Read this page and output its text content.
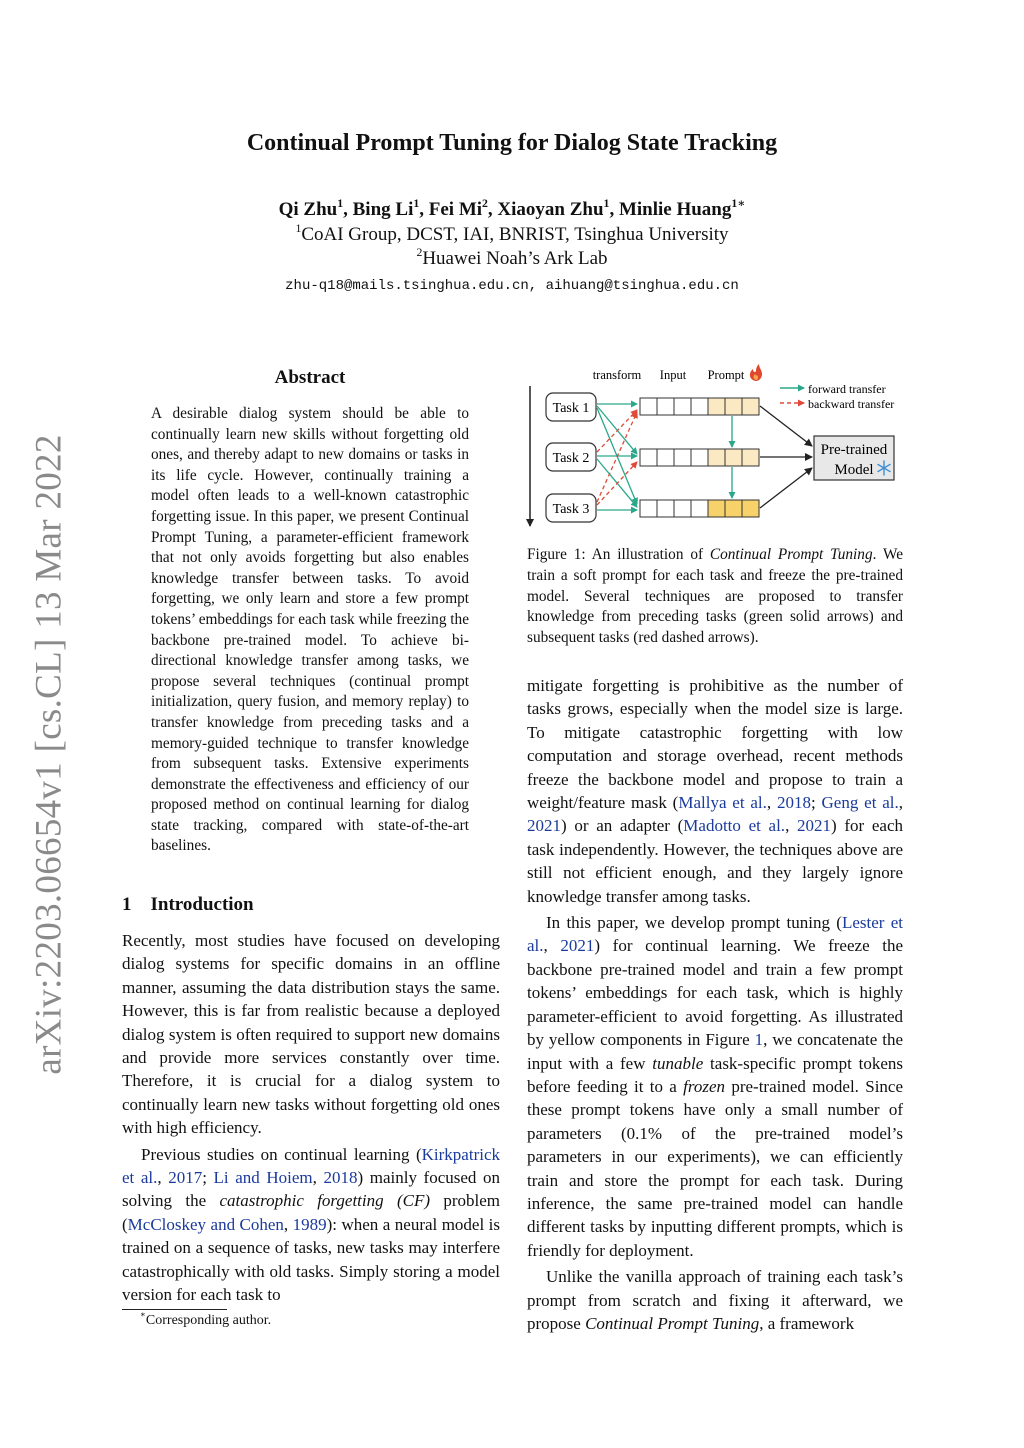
arXiv:2203.06654v1 [cs.CL] 13 Mar 2022
Continual Prompt Tuning for Dialog State Tracking
Qi Zhu$^1$, Bing Li$^1$, Fei Mi$^2$, Xiaoyan Zhu$^1$, Minlie Huang$^{1∗}$
$^1$CoAI Group, DCST, IAI, BNRIST, Tsinghua University
$^2$Huawei Noah’s Ark Lab
zhu-q18@mails.tsinghua.edu.cn, aihuang@tsinghua.edu.cn
Abstract
A desirable dialog system should be able to continually learn new skills without forgetting old ones, and thereby adapt to new domains or tasks in its life cycle. However, continually training a model often leads to a well-known catastrophic forgetting issue. In this paper, we present Continual Prompt Tuning, a parameter-efficient framework that not only avoids forgetting but also enables knowledge transfer between tasks. To avoid forgetting, we only learn and store a few prompt tokens’ embeddings for each task while freezing the backbone pre-trained model. To achieve bi-directional knowledge transfer among tasks, we propose several techniques (continual prompt initialization, query fusion, and memory replay) to transfer knowledge from preceding tasks and a memory-guided technique to transfer knowledge from subsequent tasks. Extensive experiments demonstrate the effectiveness and efficiency of our proposed method on continual learning for dialog state tracking, compared with state-of-the-art baselines.
1    Introduction

Recently, most studies have focused on developing dialog systems for specific domains in an offline manner, assuming the data distribution stays the same. However, this is far from realistic because a deployed dialog system is often required to support new domains and provide more services constantly over time. Therefore, it is crucial for a dialog system to continually learn new tasks without forgetting old ones with high efficiency.

Previous studies on continual learning (Kirkpatrick et al., 2017; Li and Hoiem, 2018) mainly focused on solving the catastrophic forgetting (CF) problem (McCloskey and Cohen, 1989): when a neural model is trained on a sequence of tasks, new tasks may interfere catastrophically with old tasks. Simply storing a model version for each task to

∗Corresponding author.
transform Input Prompt
forward transfer
backward transfer
Task 1
Task 2
Task 3
Pre-trained
Model
Figure 1: An illustration of Continual Prompt Tuning. We train a soft prompt for each task and freeze the pre-trained model. Several techniques are proposed to transfer knowledge from preceding tasks (green solid arrows) and subsequent tasks (red dashed arrows).

mitigate forgetting is prohibitive as the number of tasks grows, especially when the model size is large. To mitigate catastrophic forgetting with low computation and storage overhead, recent methods freeze the backbone model and propose to train a weight/feature mask (Mallya et al., 2018; Geng et al., 2021) or an adapter (Madotto et al., 2021) for each task independently. However, the techniques above are still not efficient enough, and they largely ignore knowledge transfer among tasks.

In this paper, we develop prompt tuning (Lester et al., 2021) for continual learning. We freeze the backbone pre-trained model and train a few prompt tokens’ embeddings for each task, which is highly parameter-efficient to avoid forgetting. As illustrated by yellow components in Figure 1, we concatenate the input with a few tunable task-specific prompt tokens before feeding it to a frozen pre-trained model. Since these prompt tokens have only a small number of parameters (0.1% of the pre-trained model’s parameters in our experiments), we can efficiently train and store the prompt for each task. During inference, the same pre-trained model can handle different tasks by inputting different prompts, which is friendly for deployment.

Unlike the vanilla approach of training each task’s prompt from scratch and fixing it afterward, we propose Continual Prompt Tuning, a framework
